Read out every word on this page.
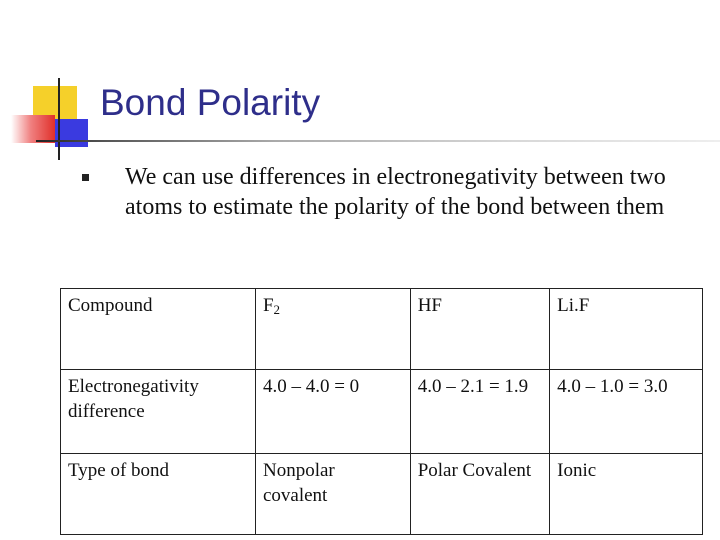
Bond Polarity
We can use differences in electronegativity between two atoms to estimate the polarity of the bond between them
Compound	$F_2$	HF	Li.F
Electronegativity difference	4.0 – 4.0 = 0	4.0 – 2.1 = 1.9	4.0 – 1.0 = 3.0
Type of bond	Nonpolar covalent	Polar Covalent	Ionic
